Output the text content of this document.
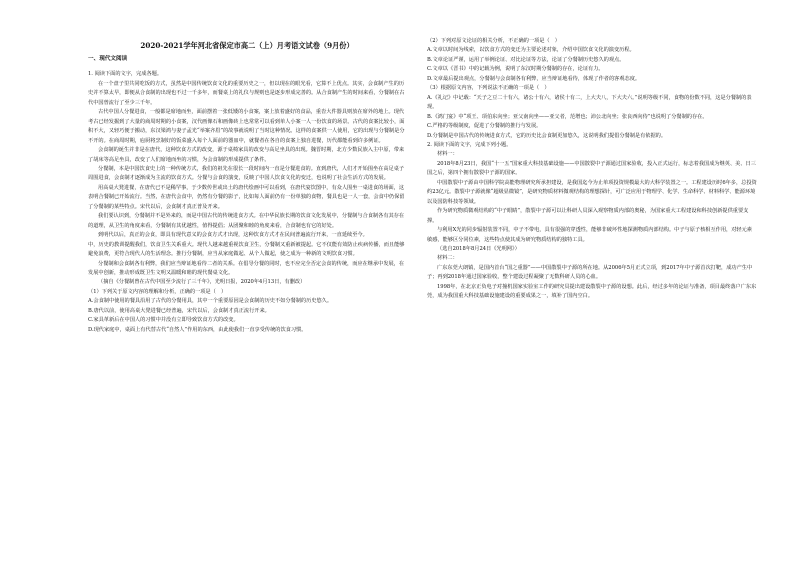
2020-2021学年河北省保定市高二（上）月考语文试卷（9月份）
一、现代文阅读

1. 阅读下面的文字，完成各题。

在一个盘子里共同吃饭的方式，虽然是中国传统饮食文化的重要历史之一，但以现在的眼光看，它算不上优点。其实，会食制产生的历史并不算太早，即便从合食制的出现也不过一千多年，而餐桌上的礼仪与规则也是逐步形成完善的。从合食制产生的时间来看，分餐制在古代中国曾流行了至少三千年。

古代中国人分餐进食，一般都是席地而坐，面前摆着一张低矮的小食案，案上放着盛好的食品，重沓大件器具则放在席外的地上。现代考古已经发掘到了大量的商周时期的小食案，汉代画像石和画像砖上也常常可以看到单人小案一人一份饮食的场景。古代的食案比较小，面积不大，又轻巧便于搬动，东汉梁鸿与妻子孟光“举案齐眉”的故事就说明了当时这种情况。这样的食案供一人使用，它的出现与分餐制是分不开的。在商周时期，庖厨将烹制好的饭菜盛入每个人面前的器皿中，就餐者在各自的食案上独自进餐，历代都能看到许多例证。

会食制的诞生并非是在唐代，这种饮食方式的改变，源于桌椅家具的改变与高足坐具的出现。魏晋时期，北方少数民族入主中原，带来了胡床等高足坐具，改变了人们席地而坐的习惯，为会食制的形成提供了条件。

分餐制，本是中国饮食史上的一种传统方式，我们的祖先在很长一段时间内一直是分餐进食的。直到唐代，人们才开始围坐在高足桌子周围进食，会食制才逐渐成为主流的饮食方式。分餐与会食的演变，反映了中国人饮食文化的变迁，也说明了社会生活方式的发展。

用高桌大凳进餐，在唐代已不是稀罕事，于少数传世或出土的唐代绘画中可以看到，在唐代宴饮图中，有众人围坐一桌进食的场面，这表明合餐制已开始流行。当然，在唐代会食中，仍然有分餐的影子，比如每人面前仍有一份单独的食物，餐具也是一人一套，会食中仍保留了分餐制的某些特点。宋代以后，会食制才真正普及开来。

我们要认识到，分餐制并不是外来的，而是中国古代的传统进食方式。在中华民族长期的饮食文化发展中，分餐制与合食制各有其存在的道理，从卫生的角度来看，分餐制有其优越性，值得提倡；从团聚和睦的角度来看，合食制也有它的好处。

到明代以后，真正的会食，即具有现代意义的会食方式才出现，这种饮食方式才在民间普遍流行开来，一直延续至今。

中，历史的教训提醒我们，饮食卫生关系重大。现代人越来越重视饮食卫生，分餐制又重新被提起。它不仅能有效防止疾病传播，而且能够避免浪费，更符合现代人的生活理念。推行分餐制，应当从家庭做起、从个人做起，使之成为一种新的文明饮食习惯。

分餐制和会食制各有利弊，我们应当辩证地看待二者的关系。在倡导分餐的同时，也不应完全否定会食的传统，而应在继承中发展，在发展中创新，推动形成既卫生文明又温暖和睦的现代餐桌文化。

（摘自《分餐制曾在古代中国至少流行了三千年》，光明日报，2020年4月13日，有删改）

（1）下列关于原文内容的理解和分析，正确的一项是（　）

A.会食制中使用的餐具沿用了古代的分餐用具，其中一个重要原因是会食制的历史不如分餐制的历史悠久。

B.唐代以前，使用高桌大凳进餐已经普遍，宋代以后，会食制才真正流行开来。

C.家具革新后在中国人的习惯中并没有立即导致饮食方式的改变。

D.现代家庭中，桌面上有代替古代“自然人”作用的东西，由此使我们一直享受传统的饮食习惯。

（2）下列对原文论证的相关分析，不正确的一项是（　）

A.文章以时间为线索，以饮食方式的变迁为主要论述对象，介绍中国饮食文化的演变历程。

B.文章论证严谨，运用了举例论证、对比论证等方法，论证了分餐制历史悠久的观点。

C.文章以《晋书》中的记载为例，说明了东汉时期分餐制的存在，论证有力。

D.文章最后提出观点，分餐制与会食制各有利弊，应当辩证地看待，体现了作者的客观态度。

（3）根据原文内容，下列说法不正确的一项是（　）

A.《礼记》中记载：“天子之豆二十有六，诸公十有六，诸侯十有二，上大夫八，下大夫六。”说明等级不同，食物的份数不同，这是分餐制的表现。

B.《鸿门宴》中“项王、项伯东向坐；亚父南向坐——亚父者，范增也；沛公北向坐；张良西向侍”也说明了分餐制的存在。

C.严格的等级制度，促进了分餐制的推行与发展。

D.分餐制是中国古代的传统进食方式，它的历史比会食制更加悠久，这说明我们提倡分餐制是有依据的。

2. 阅读下面的文字，完成下列小题。

材料一：

2018年8月23日，我国“十一五”国家重大科技基础设施——中国散裂中子源通过国家验收，投入正式运行，标志着我国成为继英、美、日三国之后，第四个拥有散裂中子源的国家。

中国散裂中子源由中国科学院高能物理研究所承担建设，是我国迄今为止单项投资规模最大的大科学装置之一。工程建设历时6年多，总投资约23亿元。散裂中子源就像“超级显微镜”，是研究物质材料微观结构的理想探针，可广泛应用于物理学、化学、生命科学、材料科学、能源环境以及国防科技等领域。

作为研究物质微观结构的“中子眼睛”，散裂中子源可以让科研人员深入观察物质内部的奥秘，为国家重大工程建设和科技创新提供重要支撑。

与利用X光的同步辐射装置不同，中子不带电，具有很强的穿透性，能够非破坏性地探测物质内部结构。中子与原子核相互作用，对轻元素敏感，能够区分同位素，这些特点使其成为研究物质结构的独特工具。

（选自2018年8月24日《光明网》）

材料二：

广东东莞大朗镇，是国内首台“国之重器”——中国散裂中子源的所在地。从2006年5月正式立项，到2017年中子源首次打靶，成功产生中子；再到2018年通过国家验收，整个建设过程凝聚了无数科研人员的心血。

1998年，在北京正负电子对撞机国家实验室工作的研究员提出建设散裂中子源的设想。此后，经过多年的论证与准备，项目最终落户广东东莞，成为我国重大科技基础设施建设的重要成果之一，填补了国内空白。
